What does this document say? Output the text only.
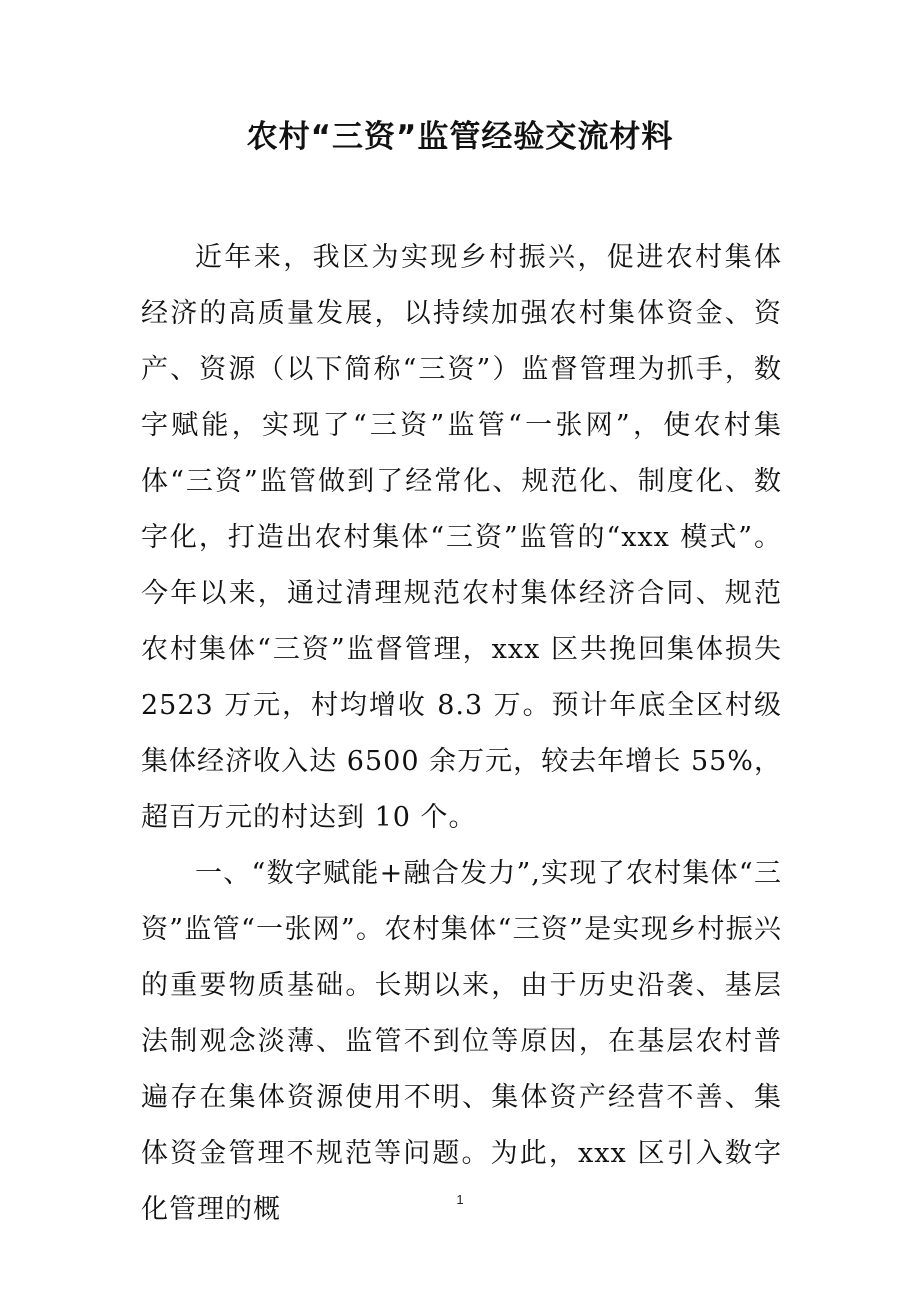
农村“三资”监管经验交流材料

近年来，我区为实现乡村振兴，促进农村集体经济的高质量发展，以持续加强农村集体资金、资产、资源（以下简称“三资”）监督管理为抓手，数字赋能，实现了“三资”监管“一张网”，使农村集体“三资”监管做到了经常化、规范化、制度化、数字化，打造出农村集体“三资”监管的“xxx 模式”。今年以来，通过清理规范农村集体经济合同、规范农村集体“三资”监督管理，xxx 区共挽回集体损失 2523 万元，村均增收 8.3 万。预计年底全区村级集体经济收入达 6500 余万元，较去年增长 55%，超百万元的村达到 10 个。

一、“数字赋能+融合发力”,实现了农村集体“三资”监管“一张网”。农村集体“三资”是实现乡村振兴的重要物质基础。长期以来，由于历史沿袭、基层法制观念淡薄、监管不到位等原因，在基层农村普遍存在集体资源使用不明、集体资产经营不善、集体资金管理不规范等问题。为此，xxx 区引入数字化管理的概	1
